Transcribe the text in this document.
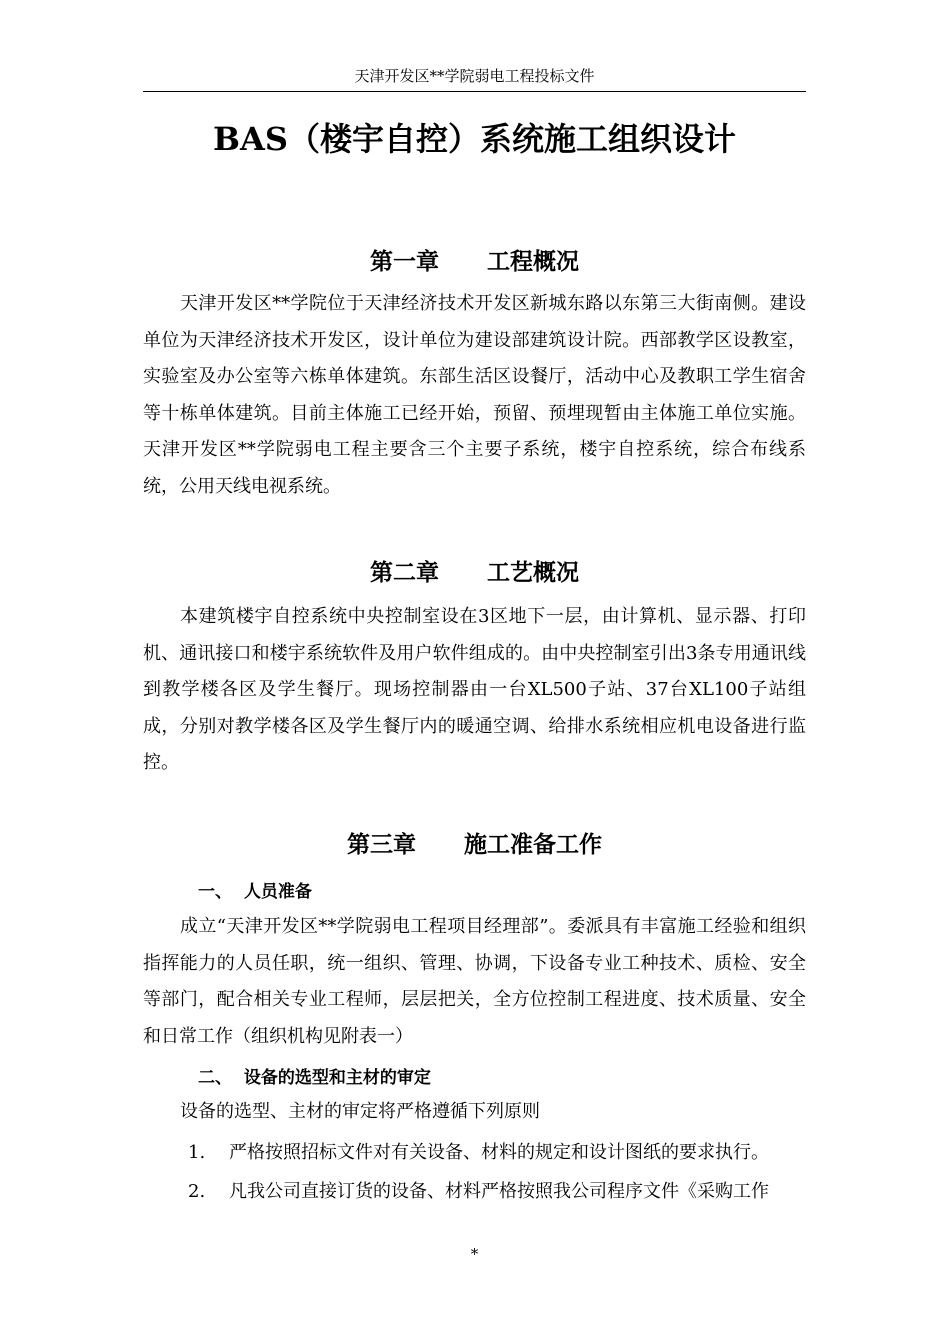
天津开发区**学院弱电工程投标文件
BAS（楼宇自控）系统施工组织设计
第一章      工程概况

天津开发区**学院位于天津经济技术开发区新城东路以东第三大街南侧。建设单位为天津经济技术开发区，设计单位为建设部建筑设计院。西部教学区设教室，实验室及办公室等六栋单体建筑。东部生活区设餐厅，活动中心及教职工学生宿舍等十栋单体建筑。目前主体施工已经开始，预留、预埋现暂由主体施工单位实施。天津开发区**学院弱电工程主要含三个主要子系统，楼宇自控系统，综合布线系统，公用天线电视系统。

第二章      工艺概况

本建筑楼宇自控系统中央控制室设在3区地下一层，由计算机、显示器、打印机、通讯接口和楼宇系统软件及用户软件组成的。由中央控制室引出3条专用通讯线到教学楼各区及学生餐厅。现场控制器由一台XL500子站、37台XL100子站组成，分别对教学楼各区及学生餐厅内的暖通空调、给排水系统相应机电设备进行监控。

第三章      施工准备工作
一、  人员准备

成立“天津开发区**学院弱电工程项目经理部”。委派具有丰富施工经验和组织指挥能力的人员任职，统一组织、管理、协调，下设备专业工种技术、质检、安全等部门，配合相关专业工程师，层层把关，全方位控制工程进度、技术质量、安全和日常工作（组织机构见附表一）

二、  设备的选型和主材的审定
设备的选型、主材的审定将严格遵循下列原则
1. 严格按照招标文件对有关设备、材料的规定和设计图纸的要求执行。
2. 凡我公司直接订货的设备、材料严格按照我公司程序文件《采购工作
*
